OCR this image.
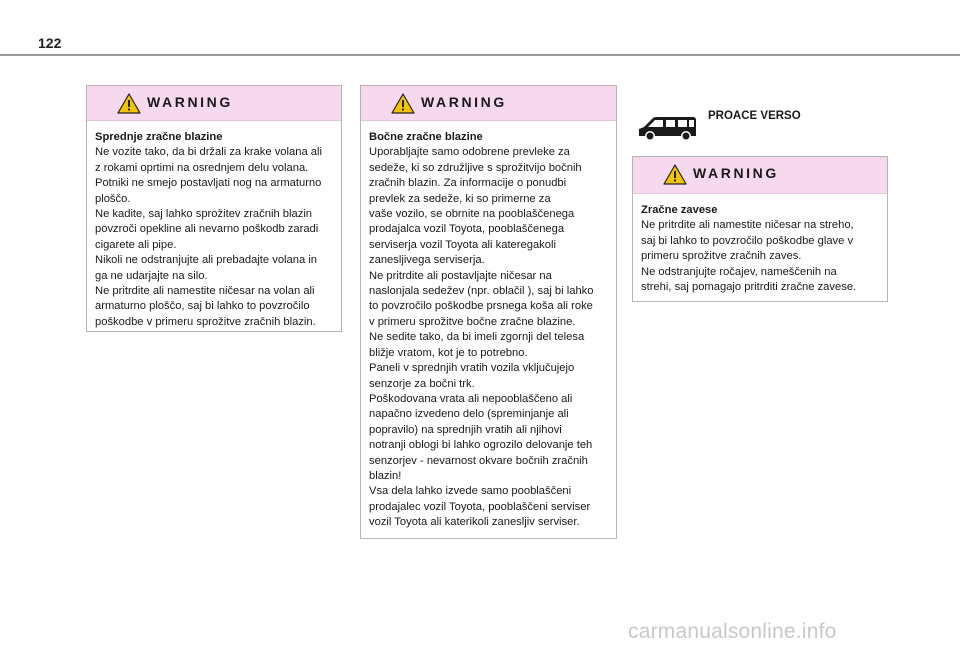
122
WARNING

Sprednje zračne blazine

Ne vozite tako, da bi držali za krake volana ali
z rokami oprtimi na osrednjem delu volana.
Potniki ne smejo postavljati nog na armaturno
ploščo.
Ne kadite, saj lahko sprožitev zračnih blazin
povzroči opekline ali nevarno poškodb zaradi
cigarete ali pipe.
Nikoli ne odstranjujte ali prebadajte volana in
ga ne udarjajte na silo.
Ne pritrdite ali namestite ničesar na volan ali
armaturno ploščo, saj bi lahko to povzročilo
poškodbe v primeru sprožitve zračnih blazin.

WARNING

Bočne zračne blazine

Uporabljajte samo odobrene prevleke za
sedeže, ki so združljive s sprožitvijo bočnih
zračnih blazin. Za informacije o ponudbi
prevlek za sedeže, ki so primerne za
vaše vozilo, se obrnite na pooblaščenega
prodajalca vozil Toyota, pooblaščenega
serviserja vozil Toyota ali kateregakoli
zanesljivega serviserja.
Ne pritrdite ali postavljajte ničesar na
naslonjala sedežev (npr. oblačil ), saj bi lahko
to povzročilo poškodbe prsnega koša ali roke
v primeru sprožitve bočne zračne blazine.
Ne sedite tako, da bi imeli zgornji del telesa
bližje vratom, kot je to potrebno.
Paneli v sprednjih vratih vozila vključujejo
senzorje za bočni trk.
Poškodovana vrata ali nepooblaščeno ali
napačno izvedeno delo (spreminjanje ali
popravilo) na sprednjih vratih ali njihovi
notranji oblogi bi lahko ogrozilo delovanje teh
senzorjev - nevarnost okvare bočnih zračnih
blazin!
Vsa dela lahko izvede samo pooblaščeni
prodajalec vozil Toyota, pooblaščeni serviser
vozil Toyota ali katerikoli zanesljiv serviser.

PROACE VERSO
WARNING

Zračne zavese

Ne pritrdite ali namestite ničesar na streho,
saj bi lahko to povzročilo poškodbe glave v
primeru sprožitve zračnih zaves.
Ne odstranjujte ročajev, nameščenih na
strehi, saj pomagajo pritrditi zračne zavese.

carmanualsonline.info
